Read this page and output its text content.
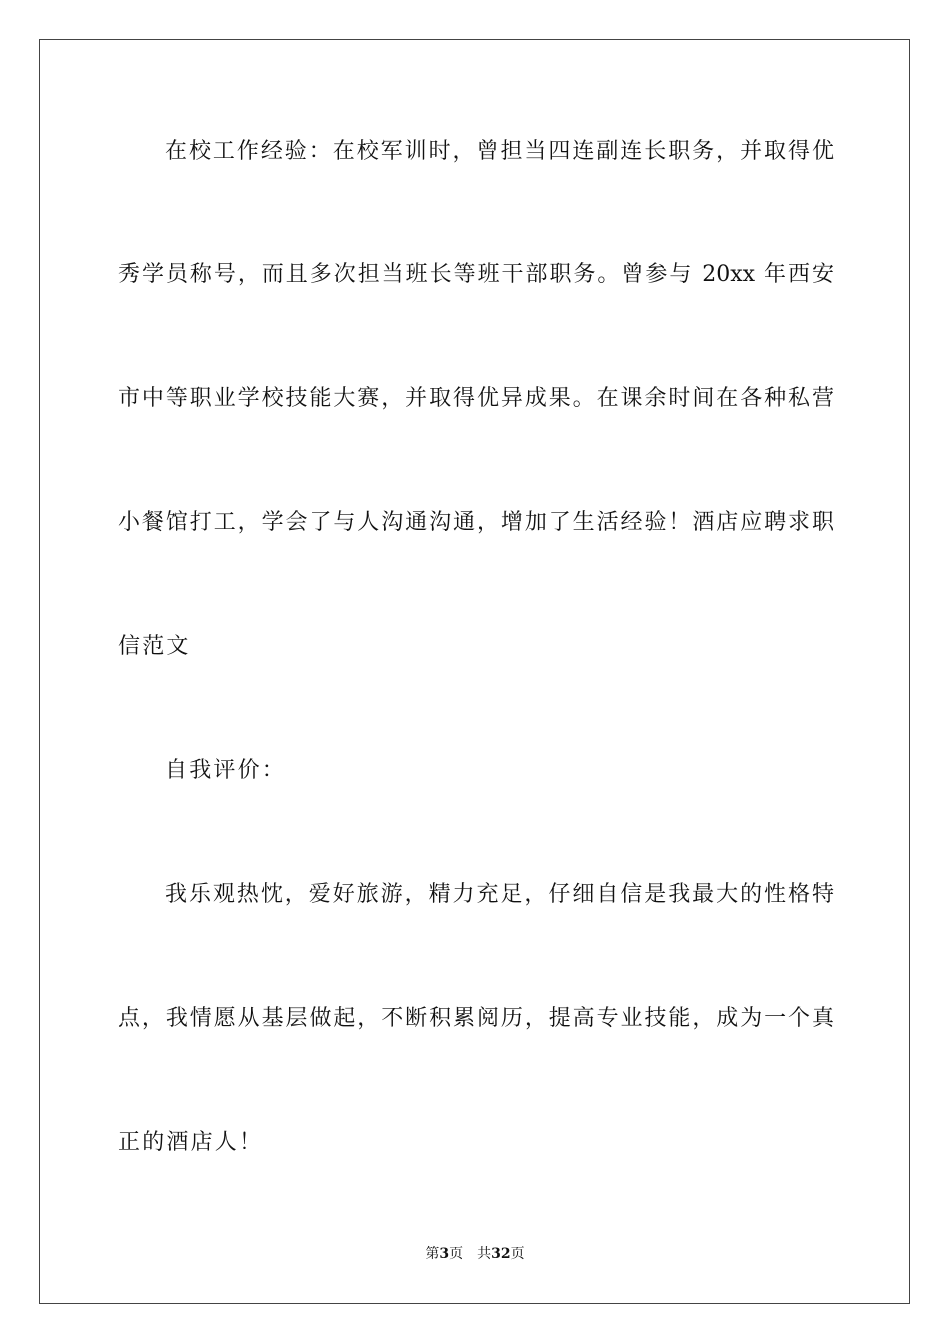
在校工作经验：在校军训时，曾担当四连副连长职务，并取得优
秀学员称号，而且多次担当班长等班干部职务。曾参与 20xx 年西安
市中等职业学校技能大赛，并取得优异成果。在课余时间在各种私营
小餐馆打工，学会了与人沟通沟通，增加了生活经验！酒店应聘求职
信范文
自我评价：
我乐观热忱，爱好旅游，精力充足，仔细自信是我最大的性格特
点，我情愿从基层做起，不断积累阅历，提高专业技能，成为一个真
正的酒店人！
第3页 共32页
